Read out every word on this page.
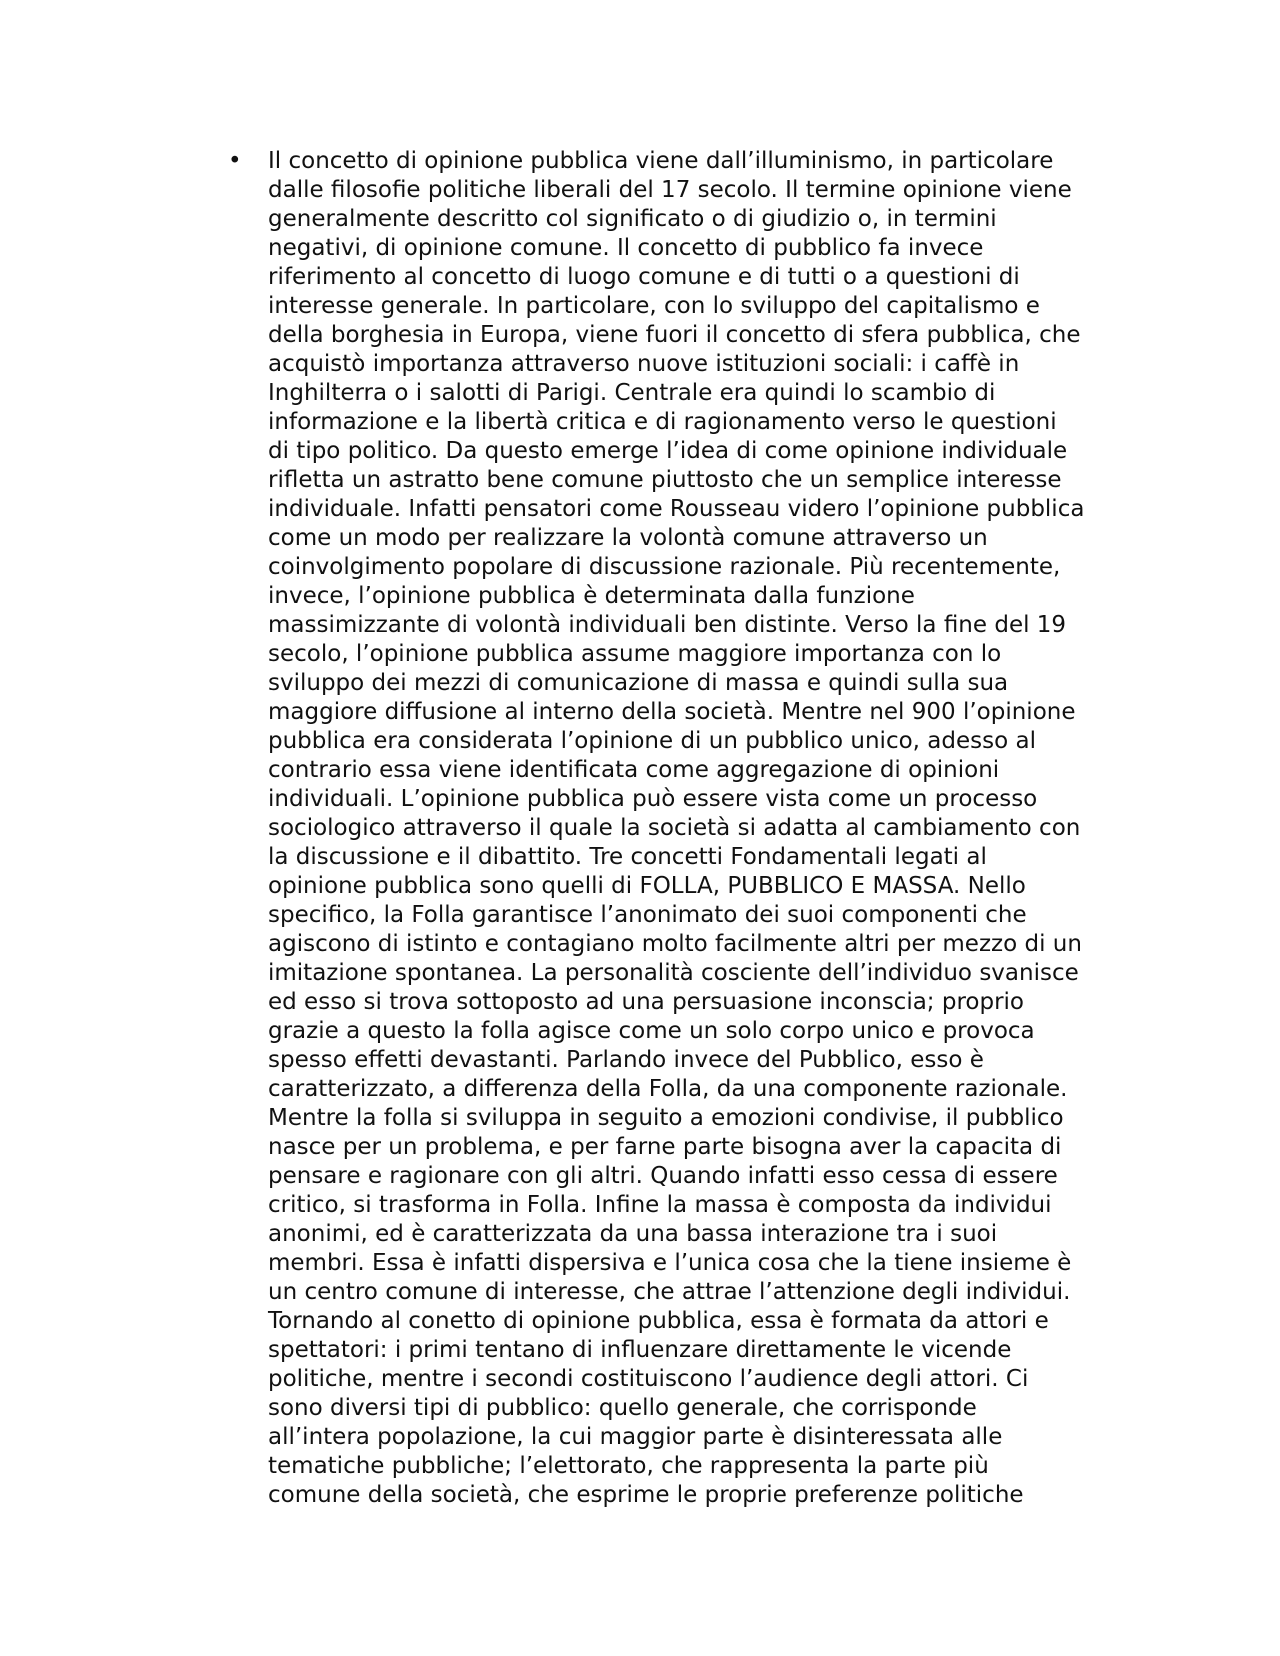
• Il concetto di opinione pubblica viene dall’illuminismo, in particolare
dalle filosofie politiche liberali del 17 secolo. Il termine opinione viene
generalmente descritto col significato o di giudizio o, in termini
negativi, di opinione comune. Il concetto di pubblico fa invece
riferimento al concetto di luogo comune e di tutti o a questioni di
interesse generale. In particolare, con lo sviluppo del capitalismo e
della borghesia in Europa, viene fuori il concetto di sfera pubblica, che
acquistò importanza attraverso nuove istituzioni sociali: i caffè in
Inghilterra o i salotti di Parigi. Centrale era quindi lo scambio di
informazione e la libertà critica e di ragionamento verso le questioni
di tipo politico. Da questo emerge l’idea di come opinione individuale
rifletta un astratto bene comune piuttosto che un semplice interesse
individuale. Infatti pensatori come Rousseau videro l’opinione pubblica
come un modo per realizzare la volontà comune attraverso un
coinvolgimento popolare di discussione razionale. Più recentemente,
invece, l’opinione pubblica è determinata dalla funzione
massimizzante di volontà individuali ben distinte. Verso la fine del 19
secolo, l’opinione pubblica assume maggiore importanza con lo
sviluppo dei mezzi di comunicazione di massa e quindi sulla sua
maggiore diffusione al interno della società. Mentre nel 900 l’opinione
pubblica era considerata l’opinione di un pubblico unico, adesso al
contrario essa viene identificata come aggregazione di opinioni
individuali. L’opinione pubblica può essere vista come un processo
sociologico attraverso il quale la società si adatta al cambiamento con
la discussione e il dibattito. Tre concetti Fondamentali legati al
opinione pubblica sono quelli di FOLLA, PUBBLICO E MASSA. Nello
specifico, la Folla garantisce l’anonimato dei suoi componenti che
agiscono di istinto e contagiano molto facilmente altri per mezzo di un
imitazione spontanea. La personalità cosciente dell’individuo svanisce
ed esso si trova sottoposto ad una persuasione inconscia; proprio
grazie a questo la folla agisce come un solo corpo unico e provoca
spesso effetti devastanti. Parlando invece del Pubblico, esso è
caratterizzato, a differenza della Folla, da una componente razionale.
Mentre la folla si sviluppa in seguito a emozioni condivise, il pubblico
nasce per un problema, e per farne parte bisogna aver la capacita di
pensare e ragionare con gli altri. Quando infatti esso cessa di essere
critico, si trasforma in Folla. Infine la massa è composta da individui
anonimi, ed è caratterizzata da una bassa interazione tra i suoi
membri. Essa è infatti dispersiva e l’unica cosa che la tiene insieme è
un centro comune di interesse, che attrae l’attenzione degli individui.
Tornando al conetto di opinione pubblica, essa è formata da attori e
spettatori: i primi tentano di influenzare direttamente le vicende
politiche, mentre i secondi costituiscono l’audience degli attori. Ci
sono diversi tipi di pubblico: quello generale, che corrisponde
all’intera popolazione, la cui maggior parte è disinteressata alle
tematiche pubbliche; l’elettorato, che rappresenta la parte più
comune della società, che esprime le proprie preferenze politiche
